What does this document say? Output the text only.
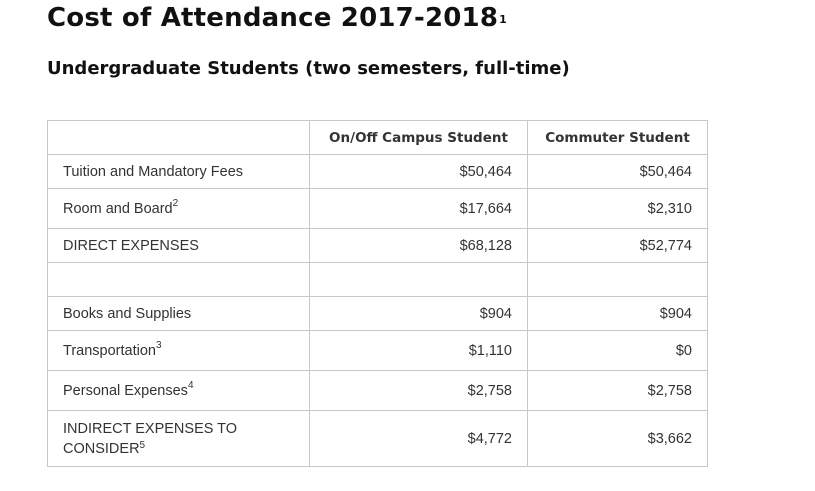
Cost of Attendance 2017-2018$^1$
Undergraduate Students (two semesters, full-time)
	On/Off Campus Student	Commuter Student
Tuition and Mandatory Fees	$50,464	$50,464
Room and Board$^2$	$17,664	$2,310
DIRECT EXPENSES	$68,128	$52,774

Books and Supplies	$904	$904
Transportation$^3$	$1,110	$0
Personal Expenses$^4$	$2,758	$2,758
INDIRECT EXPENSES TO CONSIDER$^5$	$4,772	$3,662
